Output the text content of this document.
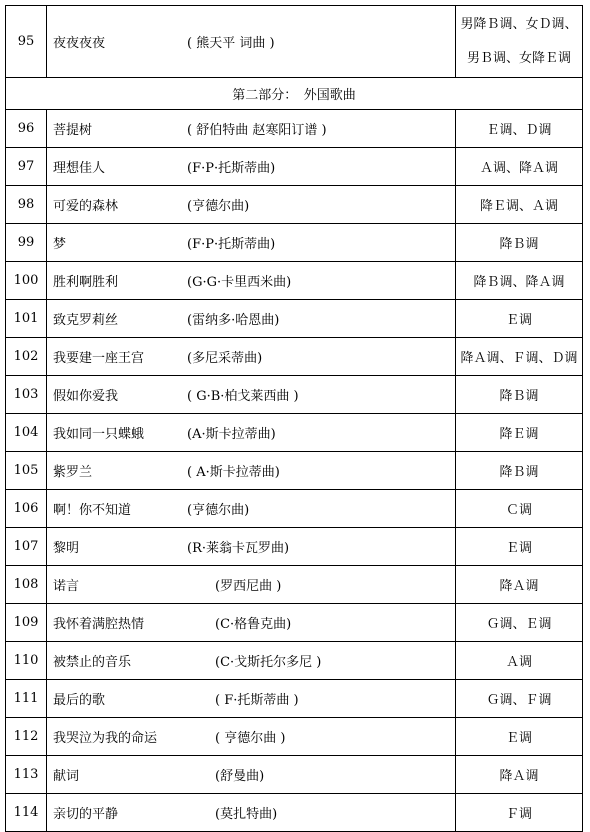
95	夜夜夜夜 ( 熊天平 词曲 )	男降Ｂ调、女Ｄ调、
男Ｂ调、女降Ｅ调

第二部分：　外国歌曲		
96	菩提树 ( 舒伯特曲 赵寒阳订谱 )	Ｅ调、Ｄ调
97	理想佳人 (F·P·托斯蒂曲)	Ａ调、降Ａ调
98	可爱的森林 (亨德尔曲)	降Ｅ调、Ａ调
99	梦 (F·P·托斯蒂曲)	降Ｂ调
100	胜利啊胜利 (G·G·卡里西米曲)	降Ｂ调、降Ａ调
101	致克罗莉丝 (雷纳多·哈恩曲)	Ｅ调
102	我要建一座王宫 (多尼采蒂曲)	降Ａ调、Ｆ调、Ｄ调
103	假如你爱我 ( G·B·柏戈莱西曲 )	降Ｂ调
104	我如同一只蝶蛾 (A·斯卡拉蒂曲)	降Ｅ调
105	紫罗兰 ( A·斯卡拉蒂曲)	降Ｂ调
106	啊！你不知道 (亨德尔曲)	Ｃ调
107	黎明 (R·莱翁卡瓦罗曲)	Ｅ调
108	诺言 (罗西尼曲 )	降Ａ调
109	我怀着满腔热情 (C·格鲁克曲)	Ｇ调、Ｅ调
110	被禁止的音乐 (C·戈斯托尔多尼 )	Ａ调
111	最后的歌 ( F·托斯蒂曲 )	Ｇ调、Ｆ调
112	我哭泣为我的命运 ( 亨德尔曲 )	Ｅ调
113	献词 (舒曼曲)	降Ａ调
114	亲切的平静 (莫扎特曲)	Ｆ调
